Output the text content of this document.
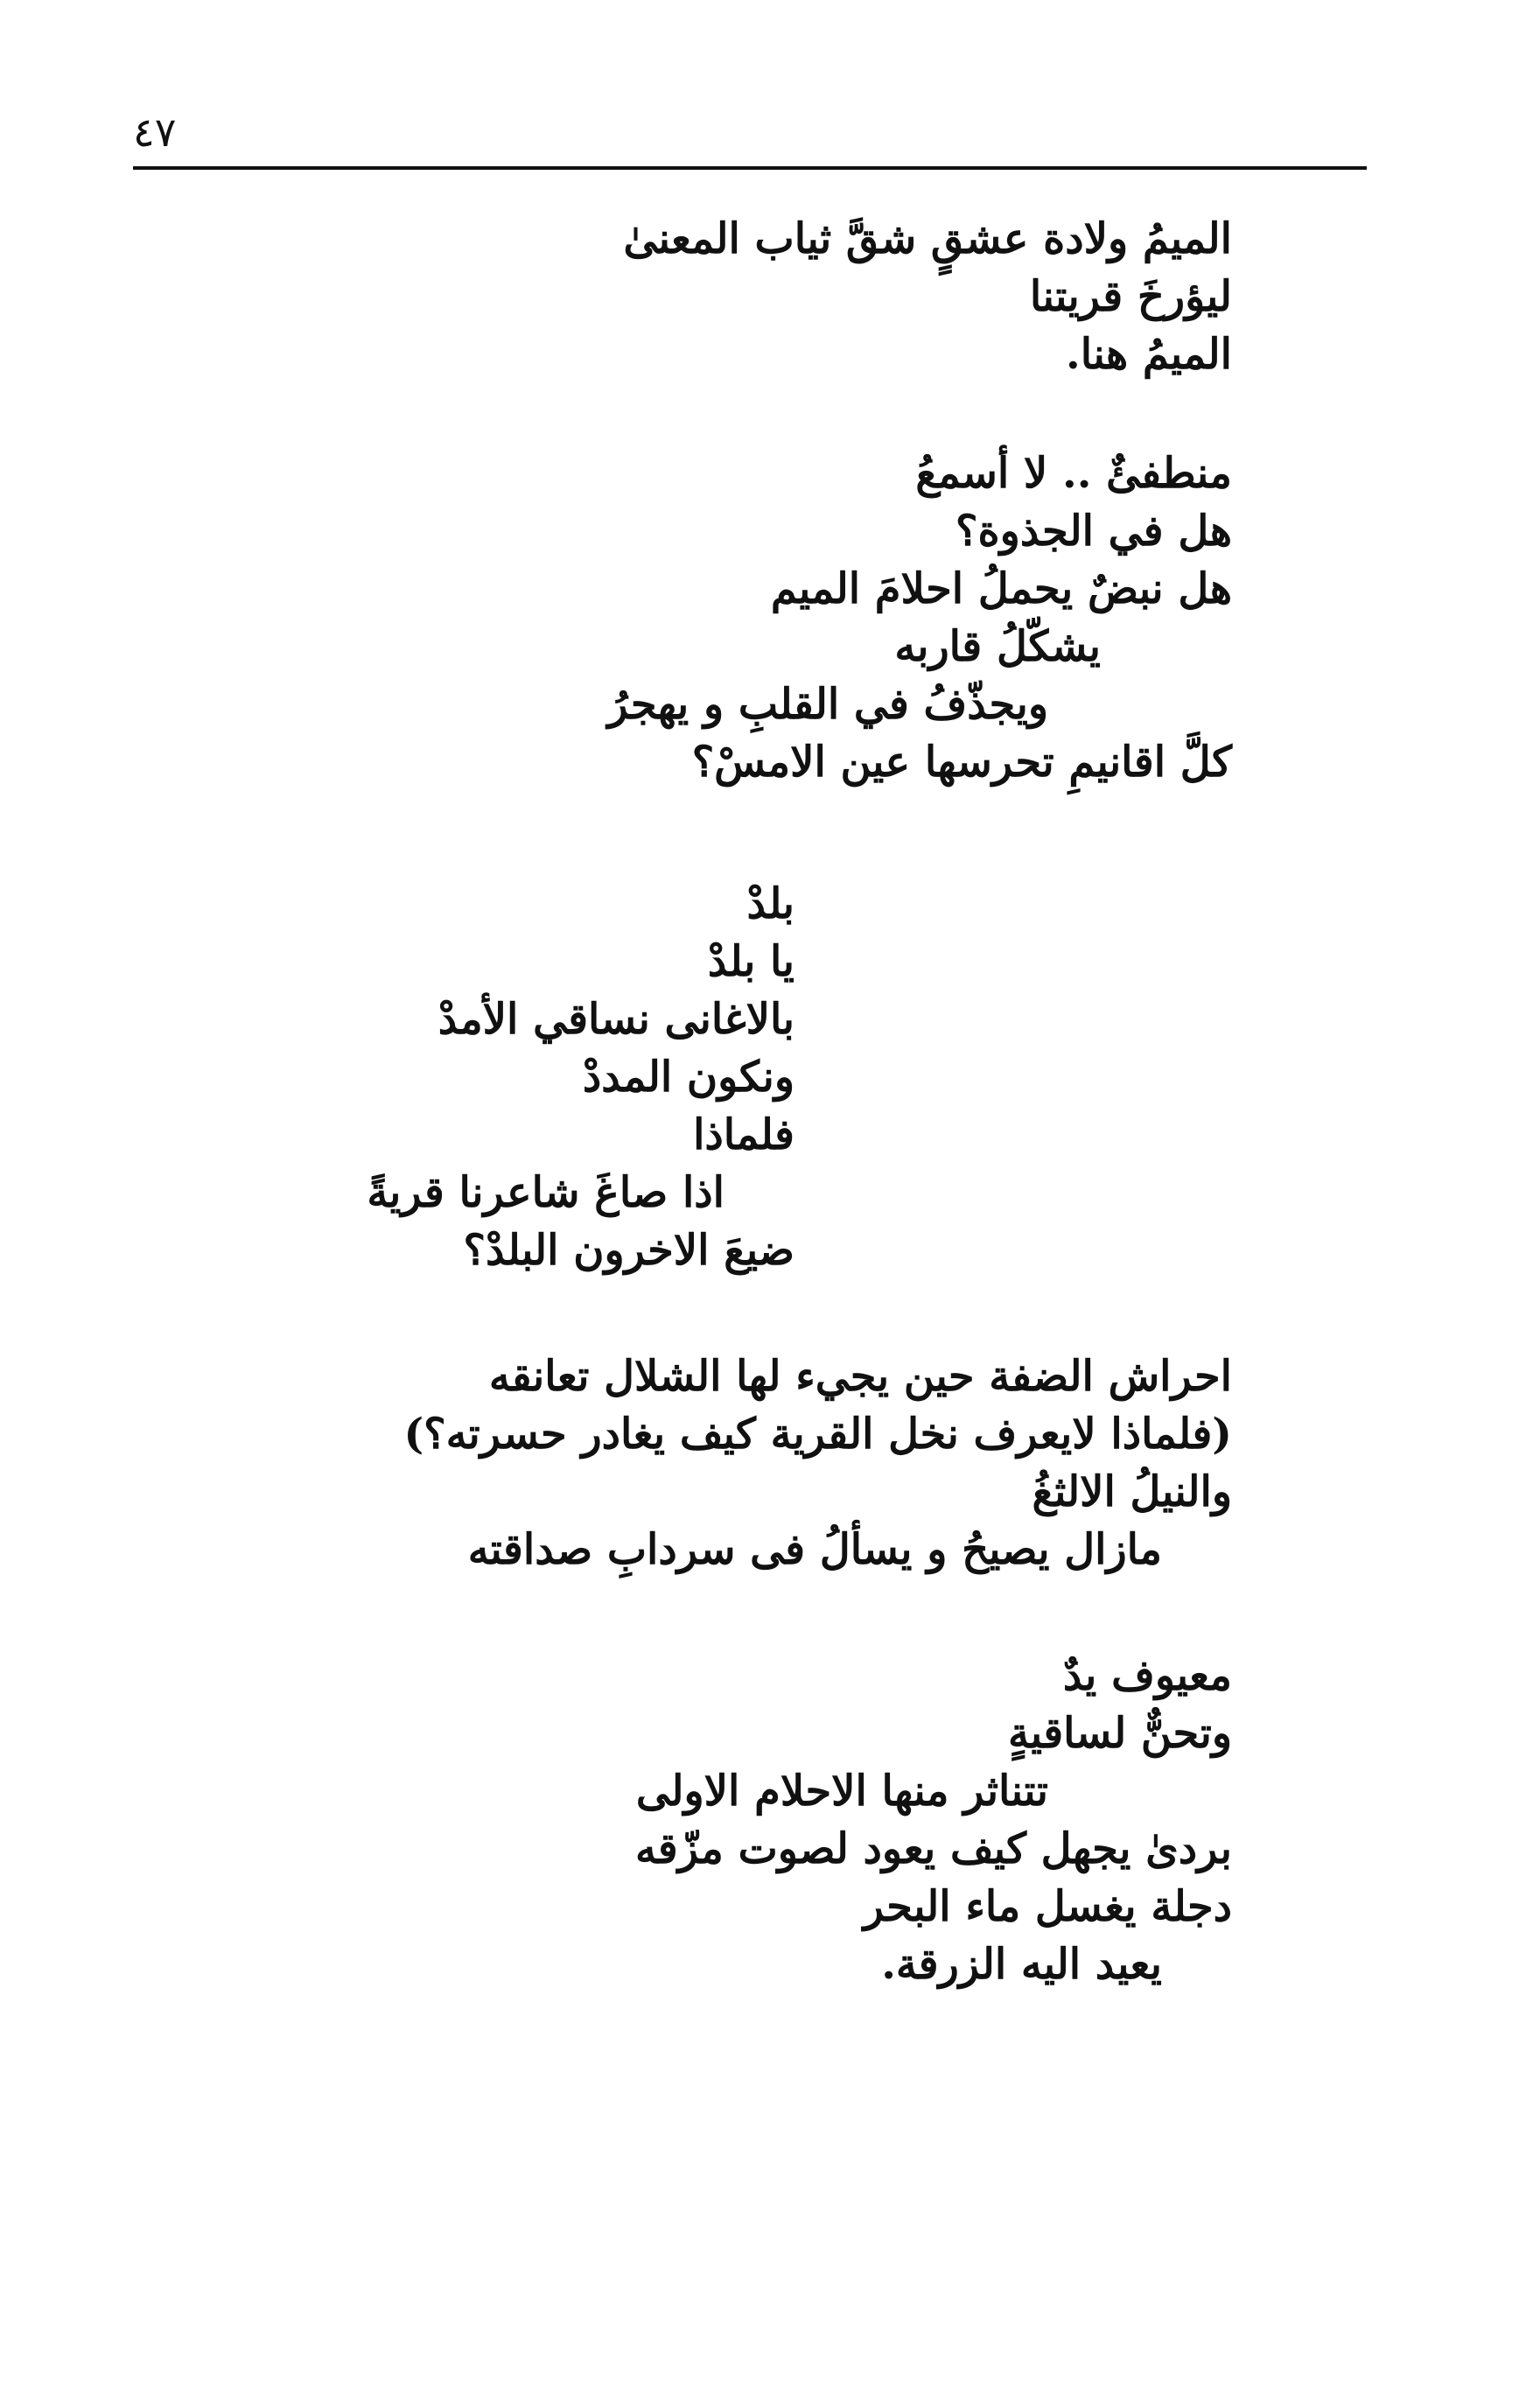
٤٧
الميمُ ولادة عشقٍ شقَّ ثياب المعنىٰ
ليؤرخَ قريتنا
الميمُ هنا.
منطفئٌ .. لا أسمعُ
هل في الجذوة؟
هل نبضٌ يحملُ احلامَ الميم
يشكّلُ قاربه
ويجذّفُ في القلبِ و يهجرُ
كلَّ اقانيمِ تحرسها عين الامسْ؟
بلدْ
يا بلدْ
بالاغانى نساقي الأمدْ
ونكون المددْ
فلماذا
اذا صاغَ شاعرنا قريةً
ضيعَ الاخرون البلدْ؟
احراش الضفة حين يجيء لها الشلال تعانقه
(فلماذا لايعرف نخل القرية كيف يغادر حسرته؟)
والنيلُ الالثغُ
مازال يصيحُ و يسألُ فى سردابِ صداقته
معيوف يدٌ
وتحنٌّ لساقيةٍ
تتناثر منها الاحلام الاولى
بردىٰ يجهل كيف يعود لصوت مزّقه
دجلة يغسل ماء البحر
يعيد اليه الزرقة.
